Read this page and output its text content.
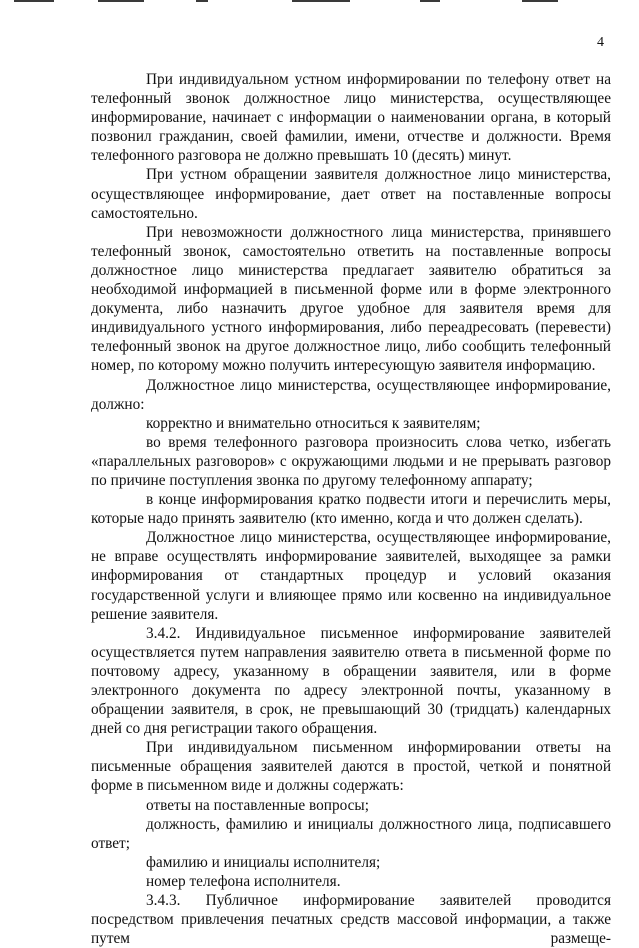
4

При индивидуальном устном информировании по телефону ответ на телефонный звонок должностное лицо министерства, осуществляющее информирование, начинает с информации о наименовании органа, в который позвонил гражданин, своей фамилии, имени, отчестве и должности. Время телефонного разговора не должно превышать 10 (десять) минут.

При устном обращении заявителя должностное лицо министерства, осуществляющее информирование, дает ответ на поставленные вопросы самостоятельно.

При невозможности должностного лица министерства, принявшего телефонный звонок, самостоятельно ответить на поставленные вопросы должностное лицо министерства предлагает заявителю обратиться за необходимой информацией в письменной форме или в форме электронного документа, либо назначить другое удобное для заявителя время для индивидуального устного информирования, либо переадресовать (перевести) телефонный звонок на другое должностное лицо, либо сообщить телефонный номер, по которому можно получить интересующую заявителя информацию.

Должностное лицо министерства, осуществляющее информирование, должно:

корректно и внимательно относиться к заявителям;

во время телефонного разговора произносить слова четко, избегать «параллельных разговоров» с окружающими людьми и не прерывать разговор по причине поступления звонка по другому телефонному аппарату;

в конце информирования кратко подвести итоги и перечислить меры, которые надо принять заявителю (кто именно, когда и что должен сделать).

Должностное лицо министерства, осуществляющее информирование, не вправе осуществлять информирование заявителей, выходящее за рамки информирования от стандартных процедур и условий оказания государственной услуги и влияющее прямо или косвенно на индивидуальное решение заявителя.

3.4.2. Индивидуальное письменное информирование заявителей осуществляется путем направления заявителю ответа в письменной форме по почтовому адресу, указанному в обращении заявителя, или в форме электронного документа по адресу электронной почты, указанному в обращении заявителя, в срок, не превышающий 30 (тридцать) календарных дней со дня регистрации такого обращения.

При индивидуальном письменном информировании ответы на письменные обращения заявителей даются в простой, четкой и понятной форме в письменном виде и должны содержать:

ответы на поставленные вопросы;

должность, фамилию и инициалы должностного лица, подписавшего ответ;

фамилию и инициалы исполнителя;

номер телефона исполнителя.

3.4.3. Публичное информирование заявителей проводится посредством привлечения печатных средств массовой информации, а также путем размеще-
